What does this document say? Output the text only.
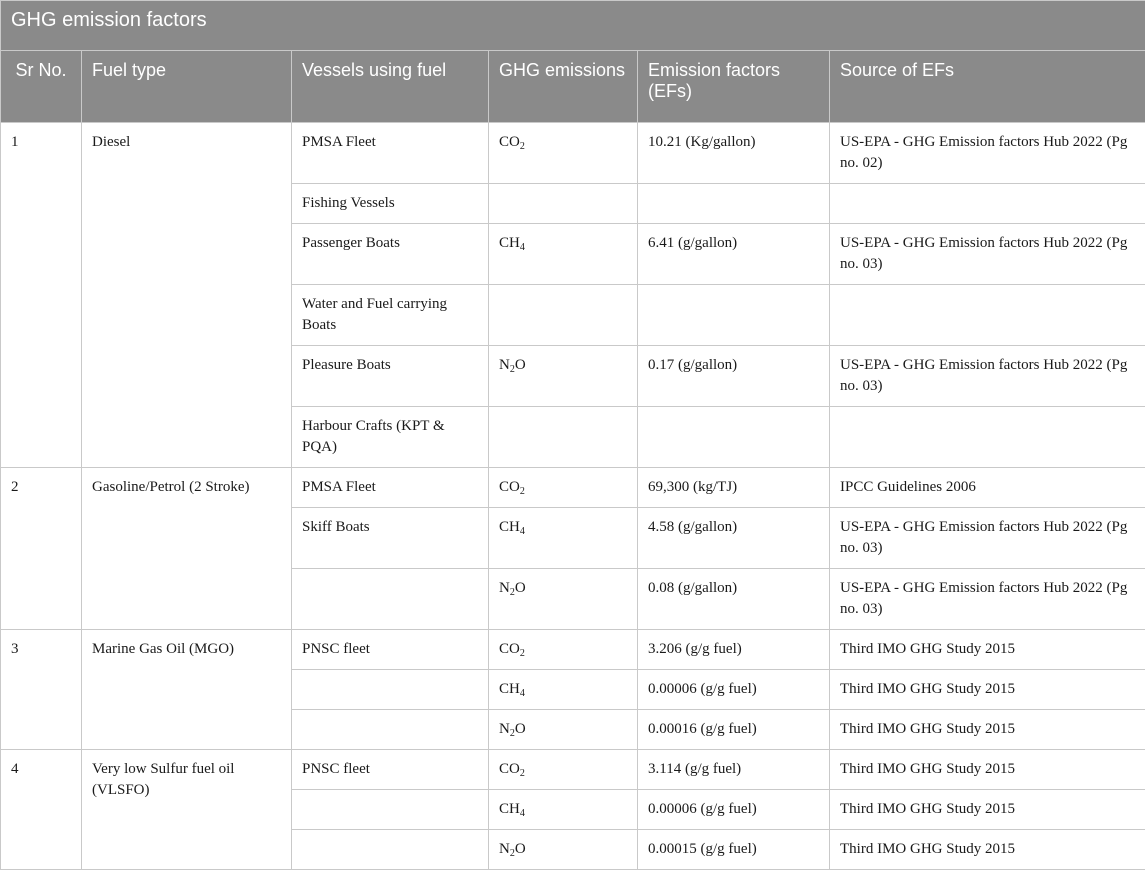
GHG emission factors					
Sr No.	Fuel type	Vessels using fuel	GHG emissions	Emission factors (EFs)	Source of EFs
1	Diesel	PMSA Fleet	$CO_2$	10.21 (Kg/gallon)	US-EPA - GHG Emission factors Hub 2022 (Pg no. 02)
		Fishing Vessels			
		Passenger Boats	$CH_4$	6.41 (g/gallon)	US-EPA - GHG Emission factors Hub 2022 (Pg no. 03)
		Water and Fuel carrying Boats			
		Pleasure Boats	$N_2O$	0.17 (g/gallon)	US-EPA - GHG Emission factors Hub 2022 (Pg no. 03)
		Harbour Crafts (KPT & PQA)			
2	Gasoline/Petrol (2 Stroke)	PMSA Fleet	$CO_2$	69,300 (kg/TJ)	IPCC Guidelines 2006
		Skiff Boats	$CH_4$	4.58 (g/gallon)	US-EPA - GHG Emission factors Hub 2022 (Pg no. 03)
			$N_2O$	0.08 (g/gallon)	US-EPA - GHG Emission factors Hub 2022 (Pg no. 03)
3	Marine Gas Oil (MGO)	PNSC fleet	$CO_2$	3.206 (g/g fuel)	Third IMO GHG Study 2015
			$CH_4$	0.00006 (g/g fuel)	Third IMO GHG Study 2015
			$N_2O$	0.00016 (g/g fuel)	Third IMO GHG Study 2015
4	Very low Sulfur fuel oil (VLSFO)	PNSC fleet	$CO_2$	3.114 (g/g fuel)	Third IMO GHG Study 2015
			$CH_4$	0.00006 (g/g fuel)	Third IMO GHG Study 2015
			$N_2O$	0.00015 (g/g fuel)	Third IMO GHG Study 2015
